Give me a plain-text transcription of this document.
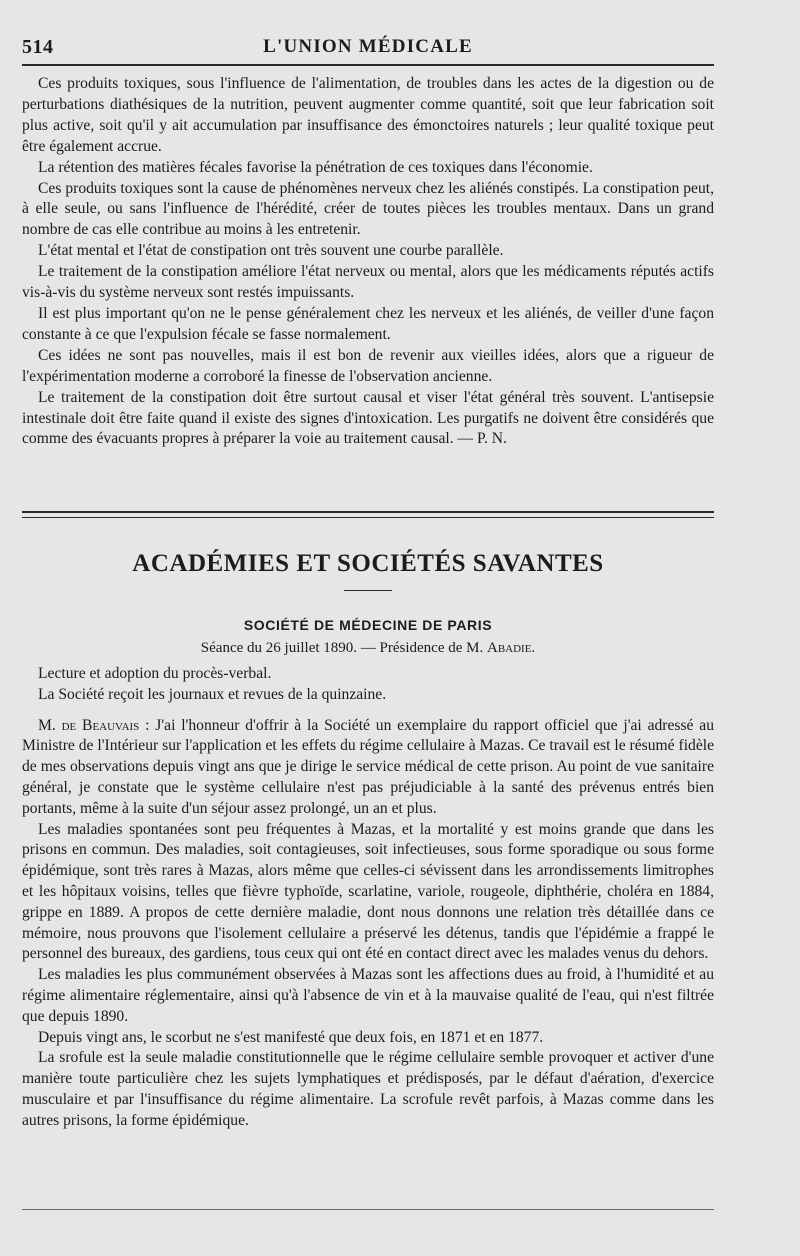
514	L'UNION MÉDICALE

Ces produits toxiques, sous l'influence de l'alimentation, de troubles dans les actes de la digestion ou de perturbations diathésiques de la nutrition, peuvent augmenter comme quantité, soit que leur fabrication soit plus active, soit qu'il y ait accumulation par insuffisance des émonctoires naturels ; leur qualité toxique peut être également accrue.

La rétention des matières fécales favorise la pénétration de ces toxiques dans l'économie.

Ces produits toxiques sont la cause de phénomènes nerveux chez les aliénés constipés. La constipation peut, à elle seule, ou sans l'influence de l'hérédité, créer de toutes pièces les troubles mentaux. Dans un grand nombre de cas elle contribue au moins à les entretenir.

L'état mental et l'état de constipation ont très souvent une courbe parallèle.

Le traitement de la constipation améliore l'état nerveux ou mental, alors que les médicaments réputés actifs vis-à-vis du système nerveux sont restés impuissants.

Il est plus important qu'on ne le pense généralement chez les nerveux et les aliénés, de veiller d'une façon constante à ce que l'expulsion fécale se fasse normalement.

Ces idées ne sont pas nouvelles, mais il est bon de revenir aux vieilles idées, alors que a rigueur de l'expérimentation moderne a corroboré la finesse de l'observation ancienne.

Le traitement de la constipation doit être surtout causal et viser l'état général très souvent. L'antisepsie intestinale doit être faite quand il existe des signes d'intoxication. Les purgatifs ne doivent être considérés que comme des évacuants propres à préparer la voie au traitement causal. — P. N.

ACADÉMIES ET SOCIÉTÉS SAVANTES
SOCIÉTÉ DE MÉDECINE DE PARIS
Séance du 26 juillet 1890. — Présidence de M. Abadie.

Lecture et adoption du procès-verbal.

La Société reçoit les journaux et revues de la quinzaine.

M. de Beauvais : J'ai l'honneur d'offrir à la Société un exemplaire du rapport officiel que j'ai adressé au Ministre de l'Intérieur sur l'application et les effets du régime cellulaire à Mazas. Ce travail est le résumé fidèle de mes observations depuis vingt ans que je dirige le service médical de cette prison. Au point de vue sanitaire général, je constate que le système cellulaire n'est pas préjudiciable à la santé des prévenus entrés bien portants, même à la suite d'un séjour assez prolongé, un an et plus.

Les maladies spontanées sont peu fréquentes à Mazas, et la mortalité y est moins grande que dans les prisons en commun. Des maladies, soit contagieuses, soit infectieuses, sous forme sporadique ou sous forme épidémique, sont très rares à Mazas, alors même que celles-ci sévissent dans les arrondissements limitrophes et les hôpitaux voisins, telles que fièvre typhoïde, scarlatine, variole, rougeole, diphthérie, choléra en 1884, grippe en 1889. A propos de cette dernière maladie, dont nous donnons une relation très détaillée dans ce mémoire, nous prouvons que l'isolement cellulaire a préservé les détenus, tandis que l'épidémie a frappé le personnel des bureaux, des gardiens, tous ceux qui ont été en contact direct avec les malades venus du dehors.

Les maladies les plus communément observées à Mazas sont les affections dues au froid, à l'humidité et au régime alimentaire réglementaire, ainsi qu'à l'absence de vin et à la mauvaise qualité de l'eau, qui n'est filtrée que depuis 1890.

Depuis vingt ans, le scorbut ne s'est manifesté que deux fois, en 1871 et en 1877.

La srofule est la seule maladie constitutionnelle que le régime cellulaire semble provoquer et activer d'une manière toute particulière chez les sujets lymphatiques et prédisposés, par le défaut d'aération, d'exercice musculaire et par l'insuffisance du régime alimentaire. La scrofule revêt parfois, à Mazas comme dans les autres prisons, la forme épidémique.
